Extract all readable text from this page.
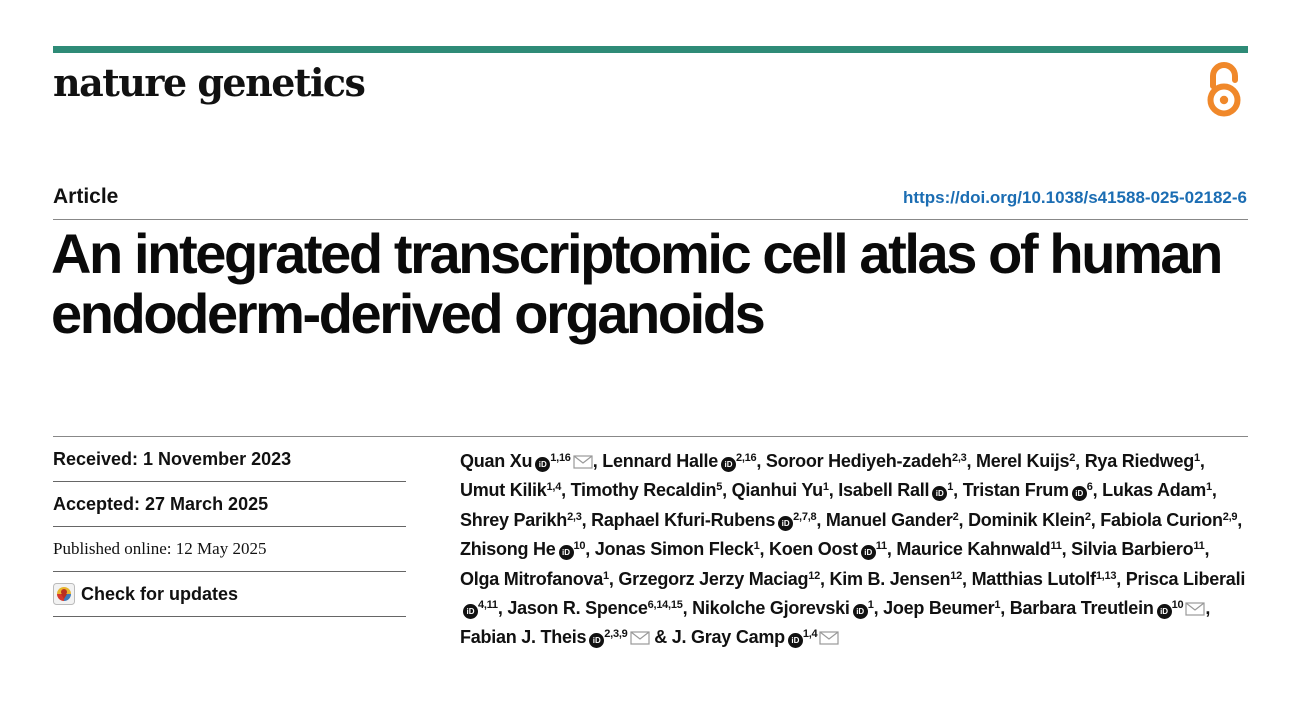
nature genetics
Article	https://doi.org/10.1038/s41588-025-02182-6
An integrated transcriptomic cell atlas of human endoderm-derived organoids
Received: 1 November 2023
Accepted: 27 March 2025
Published online: 12 May 2025
Check for updates

Quan Xu iD$^{1,16}$ , Lennard Halle iD$^{2,16}$, Soroor Hediyeh-zadeh$^{2,3}$, Merel Kuijs$^2$, Rya Riedweg$^1$, Umut Kilik$^{1,4}$, Timothy Recaldin$^5$, Qianhui Yu$^1$, Isabell Rall $iD^1$, Tristan Frum $iD^6$, Lukas Adam$^1$, Shrey Parikh$^{2,3}$, Raphael Kfuri-Rubens iD$^{2,7,8}$, Manuel Gander$^2$, Dominik Klein$^2$, Fabiola Curion$^{2,9}$, Zhisong He $iD^{10}$, Jonas Simon Fleck$^1$, Koen Oost $iD^{11}$, Maurice Kahnwald$^{11}$, Silvia Barbiero$^{11}$, Olga Mitrofanova$^1$, Grzegorz Jerzy Maciag$^{12}$, Kim B. Jensen$^{12}$, Matthias Lutolf$^{1,13}$, Prisca LiberaliiD$^{4,11}$, Jason R. Spence$^{6,14,15}$, Nikolche Gjorevski $iD^1$, Joep Beumer$^1$, Barbara Treutlein $iD^{10}$ , Fabian J. Theis iD$^{2,3,9}$ & J. Gray Camp iD$^{1,4}$
